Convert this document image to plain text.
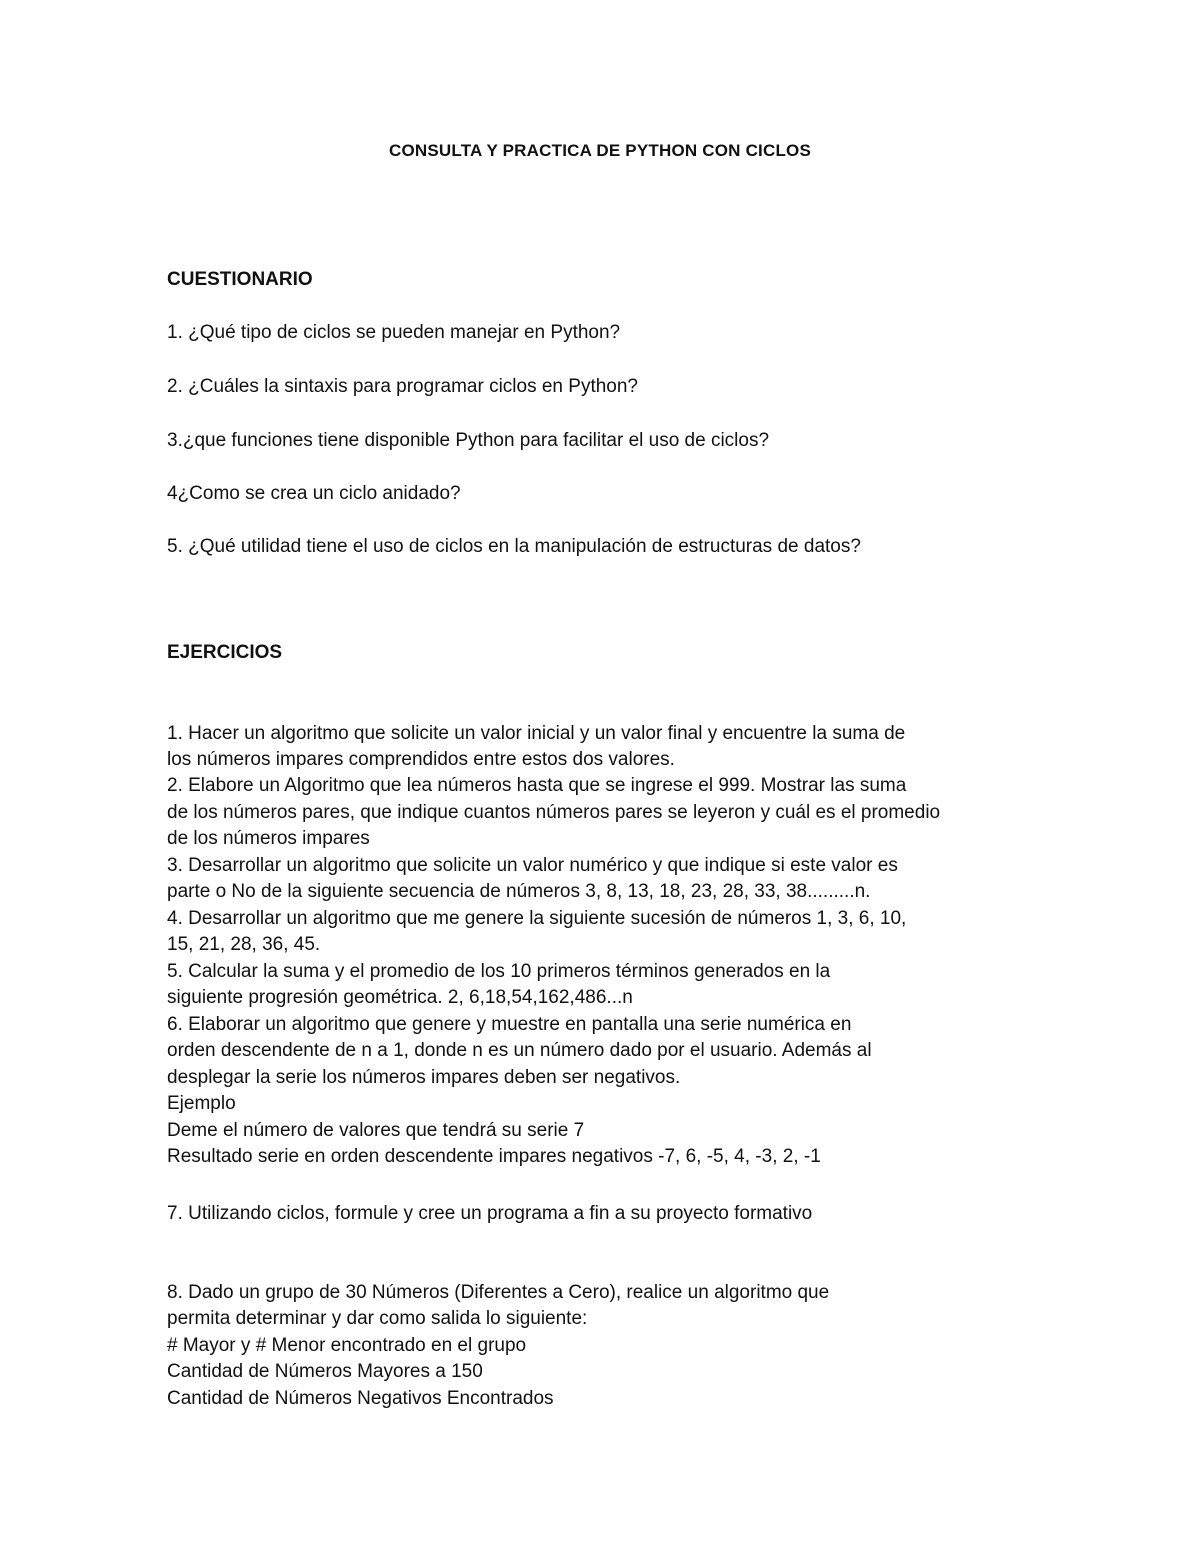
CONSULTA Y PRACTICA DE PYTHON CON CICLOS
CUESTIONARIO
1. ¿Qué tipo de ciclos se pueden manejar en Python?
2. ¿Cuáles la sintaxis para programar ciclos en Python?
3.¿que funciones tiene disponible Python para facilitar el uso de ciclos?
4¿Como se crea un ciclo anidado?
5. ¿Qué utilidad tiene el uso de ciclos en la manipulación de estructuras de datos?
EJERCICIOS
1. Hacer un algoritmo que solicite un valor inicial y un valor final y encuentre la suma de
los números impares comprendidos entre estos dos valores.
2. Elabore un Algoritmo que lea números hasta que se ingrese el 999. Mostrar las suma
de los números pares, que indique cuantos números pares se leyeron y cuál es el promedio
de los números impares
3. Desarrollar un algoritmo que solicite un valor numérico y que indique si este valor es
parte o No de la siguiente secuencia de números 3, 8, 13, 18, 23, 28, 33, 38.........n.
4. Desarrollar un algoritmo que me genere la siguiente sucesión de números 1, 3, 6, 10,
15, 21, 28, 36, 45.
5. Calcular la suma y el promedio de los 10 primeros términos generados en la
siguiente progresión geométrica. 2, 6,18,54,162,486...n
6. Elaborar un algoritmo que genere y muestre en pantalla una serie numérica en
orden descendente de n a 1, donde n es un número dado por el usuario. Además al
desplegar la serie los números impares deben ser negativos.
Ejemplo
Deme el número de valores que tendrá su serie 7
Resultado serie en orden descendente impares negativos -7, 6, -5, 4, -3, 2, -1
7. Utilizando ciclos, formule y cree un programa a fin a su proyecto formativo
8. Dado un grupo de 30 Números (Diferentes a Cero), realice un algoritmo que
permita determinar y dar como salida lo siguiente:
# Mayor y # Menor encontrado en el grupo
Cantidad de Números Mayores a 150
Cantidad de Números Negativos Encontrados
